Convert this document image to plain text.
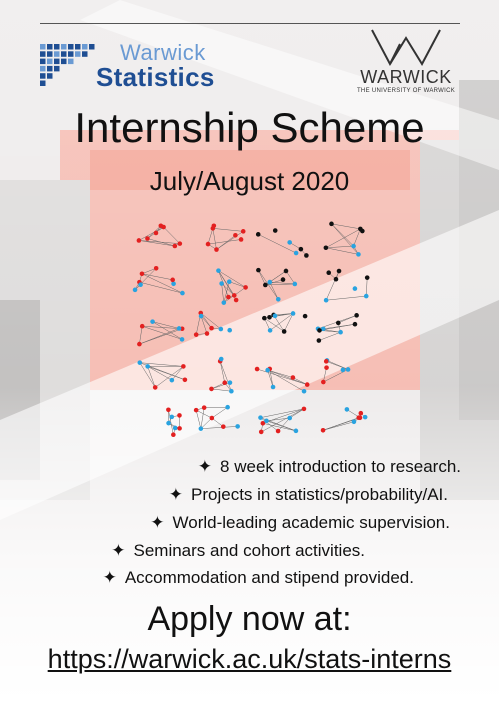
Warwick
Statistics	WARWICK
THE UNIVERSITY OF WARWICK
Internship Scheme
July/August 2020
✦ 8 week introduction to research.
✦ Projects in statistics/probability/AI.
✦ World-leading academic supervision.
✦ Seminars and cohort activities.
✦ Accommodation and stipend provided.
Apply now at:
https://warwick.ac.uk/stats-interns
